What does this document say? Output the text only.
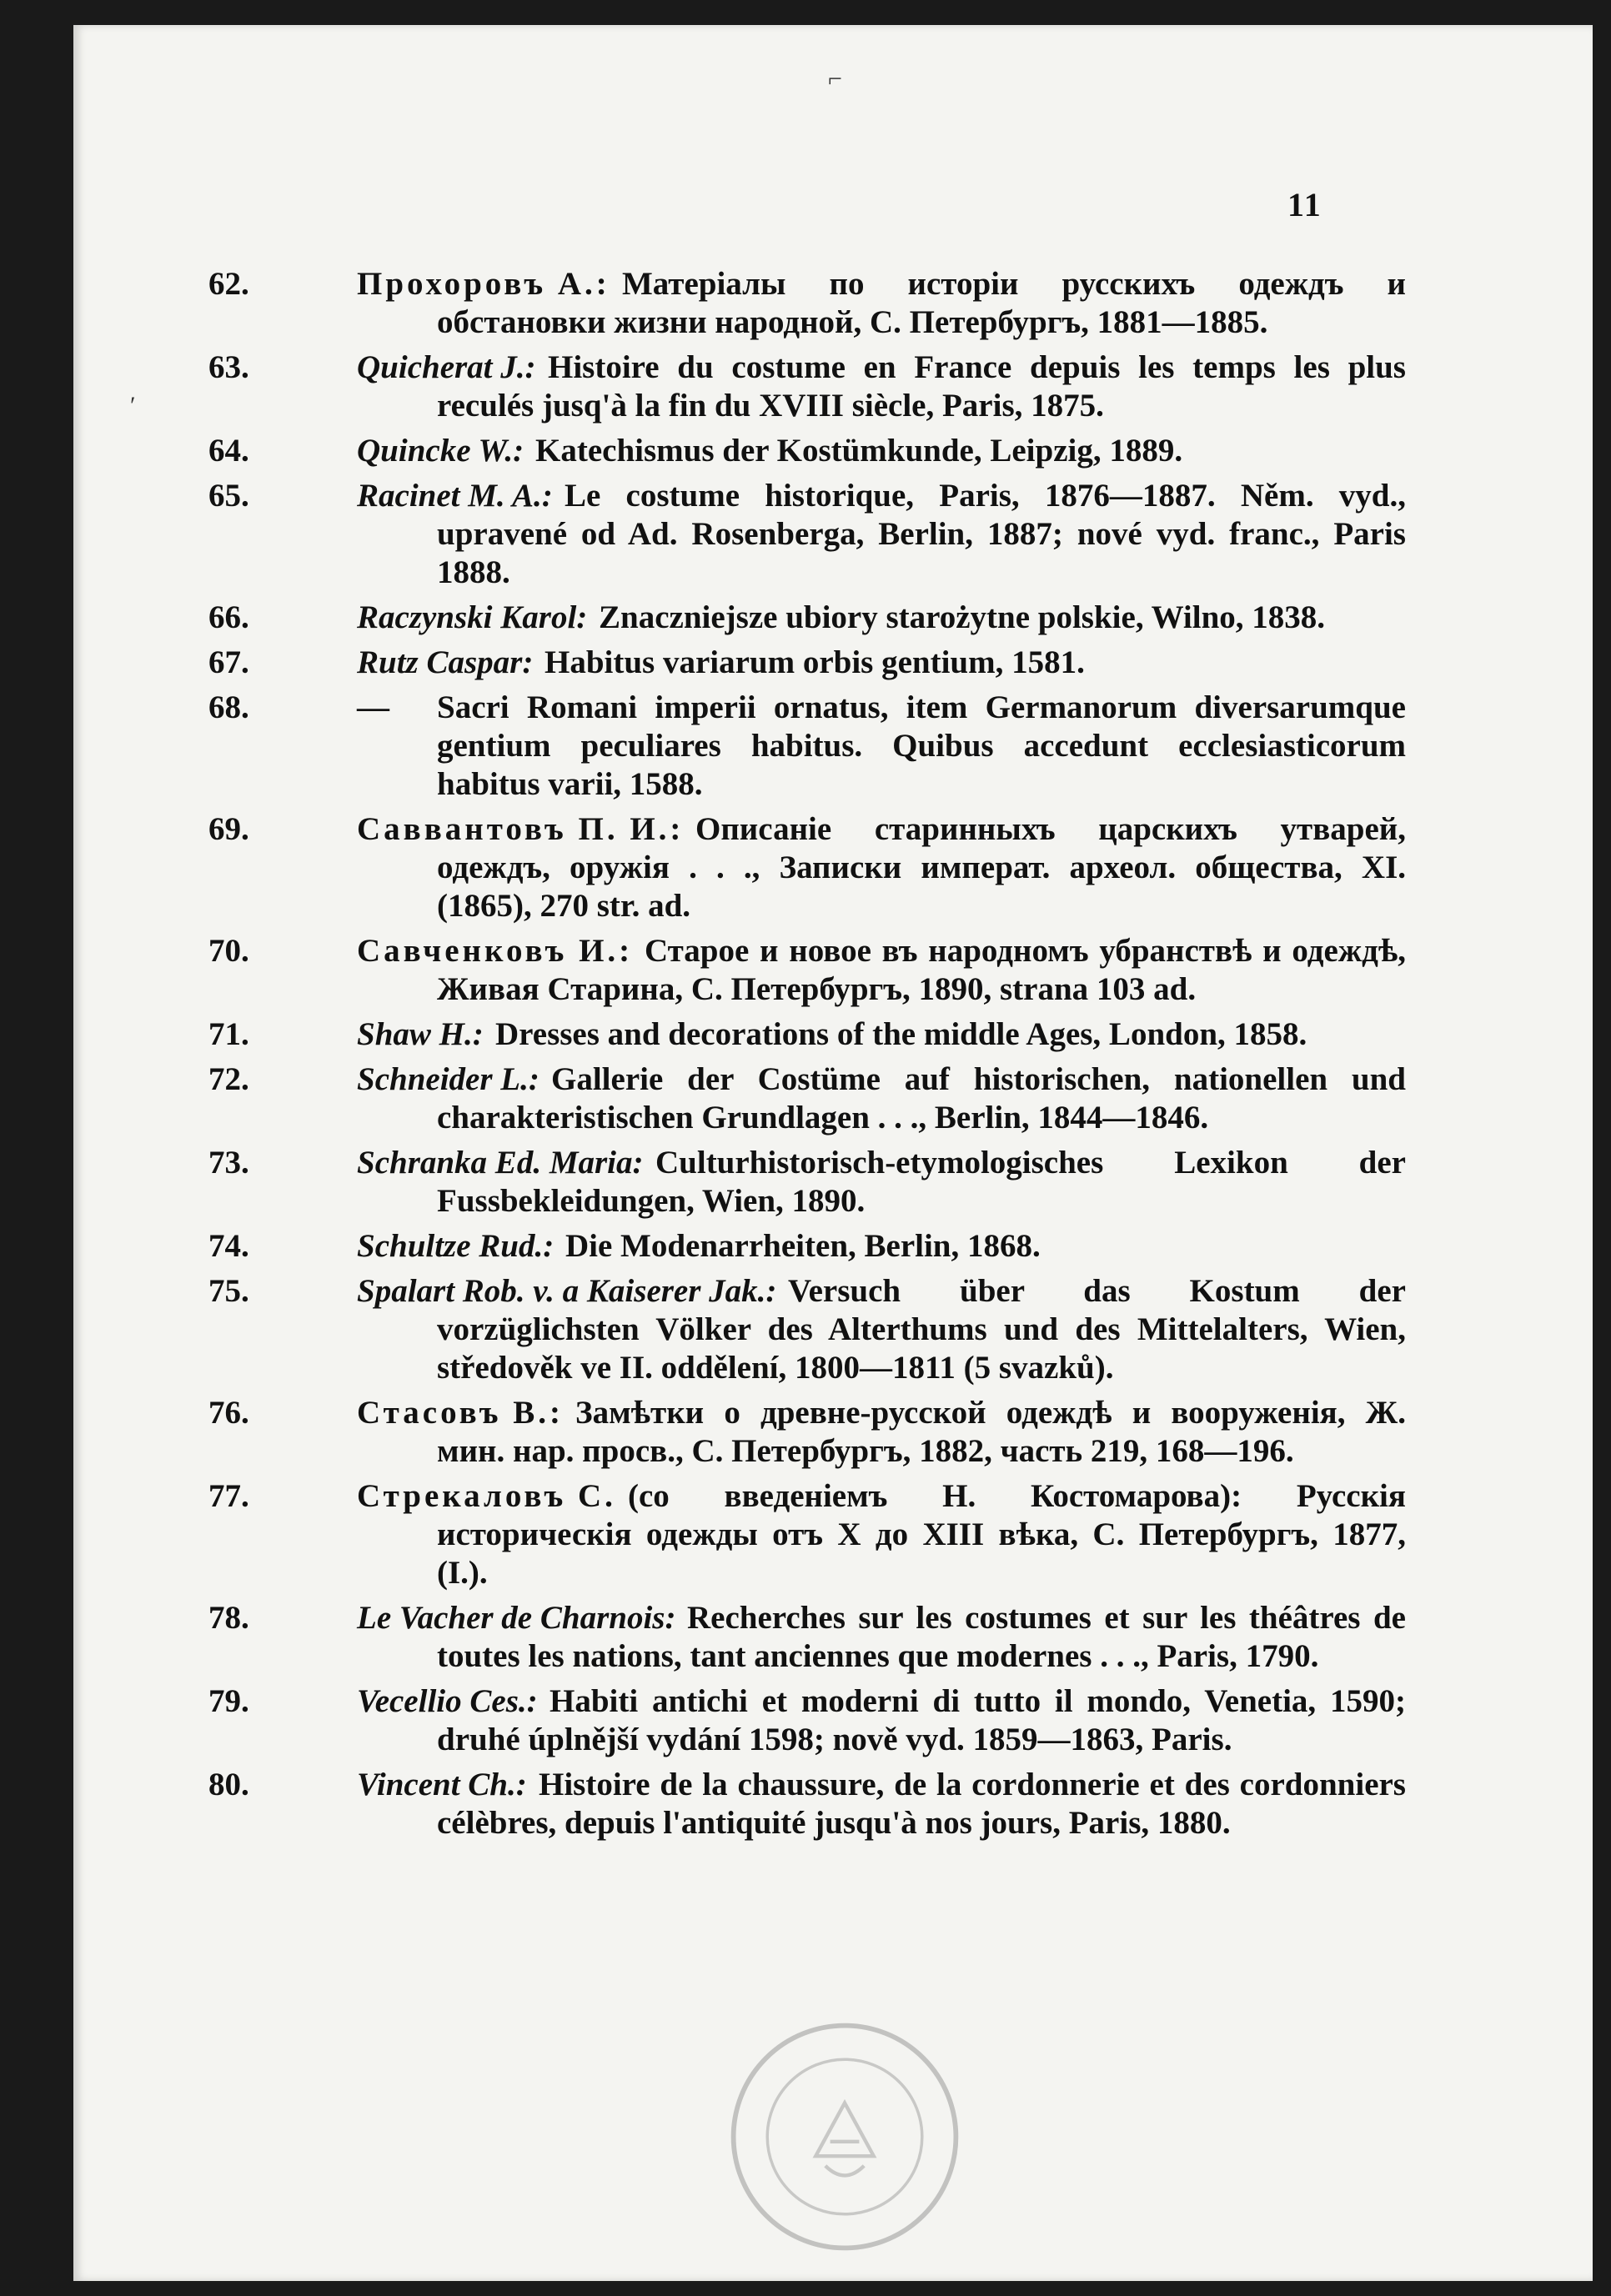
11
62.	Прохоровъ А.: Матеріалы по исторіи русскихъ одеждъ и обстановки жизни народной, С. Петербургъ, 1881—1885.
63.	Quicherat J.: Histoire du costume en France depuis les temps les plus reculés jusq'à la fin du XVIII siècle, Paris, 1875.
64.	Quincke W.: Katechismus der Kostümkunde, Leipzig, 1889.
65.	Racinet M. A.: Le costume historique, Paris, 1876—1887. Něm. vyd., upravené od Ad. Rosenberga, Berlin, 1887; nové vyd. franc., Paris 1888.
66.	Raczynski Karol: Znaczniejsze ubiory starożytne polskie, Wilno, 1838.
67.	Rutz Caspar: Habitus variarum orbis gentium, 1581.
68.	— Sacri Romani imperii ornatus, item Germanorum diversarumque gentium peculiares habitus. Quibus accedunt ecclesiasticorum habitus varii, 1588.
69.	Саввантовъ П. И.: Описаніе старинныхъ царскихъ утварей, одеждъ, оружія . . ., Записки императ. археол. общества, XI. (1865), 270 str. ad.
70.	Савченковъ И.: Старое и новое въ народномъ убранствѣ и одеждѣ, Живая Старина, С. Петербургъ, 1890, strana 103 ad.
71.	Shaw H.: Dresses and decorations of the middle Ages, London, 1858.
72.	Schneider L.: Gallerie der Costüme auf historischen, nationellen und charakteristischen Grundlagen . . ., Berlin, 1844—1846.
73.	Schranka Ed. Maria: Culturhistorisch-etymologisches Lexikon der Fussbekleidungen, Wien, 1890.
74.	Schultze Rud.: Die Modenarrheiten, Berlin, 1868.
75.	Spalart Rob. v. a Kaiserer Jak.: Versuch über das Kostum der vorzüglichsten Völker des Alterthums und des Mittelalters, Wien, středověk ve II. oddělení, 1800—1811 (5 svazků).
76.	Стасовъ В.: Замѣтки о древне-русской одеждѣ и вооруженія, Ж. мин. нар. просв., С. Петербургъ, 1882, часть 219, 168—196.
77.	Стрекаловъ С. (со введеніемъ Н. Костомарова): Русскія историческія одежды отъ X до XIII вѣка, С. Петербургъ, 1877, (I.).
78.	Le Vacher de Charnois: Recherches sur les costumes et sur les théâtres de toutes les nations, tant anciennes que modernes . . ., Paris, 1790.
79.	Vecellio Ces.: Habiti antichi et moderni di tutto il mondo, Venetia, 1590; druhé úplnější vydání 1598; nově vyd. 1859—1863, Paris.
80.	Vincent Ch.: Histoire de la chaussure, de la cordonnerie et des cordonniers célèbres, depuis l'antiquité jusqu'à nos jours, Paris, 1880.
⌐
′
